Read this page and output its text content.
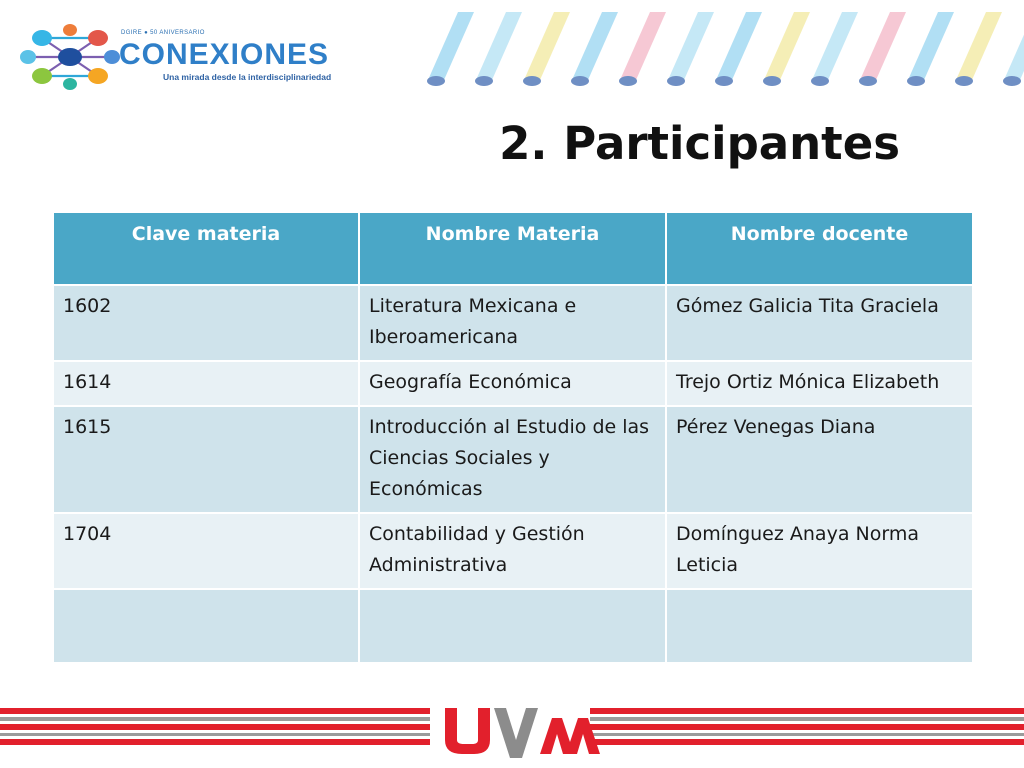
DGIRE ● 50 ANIVERSARIO
CONEXIONES
Una mirada desde la interdisciplinariedad
2. Participantes
Clave materia	Nombre Materia	Nombre docente
1602	Literatura Mexicana e Iberoamericana	Gómez Galicia Tita Graciela
1614	Geografía Económica	Trejo Ortiz Mónica Elizabeth
1615	Introducción al Estudio de las Ciencias Sociales y Económicas	Pérez Venegas Diana
1704	Contabilidad y Gestión Administrativa	Domínguez Anaya Norma Leticia
